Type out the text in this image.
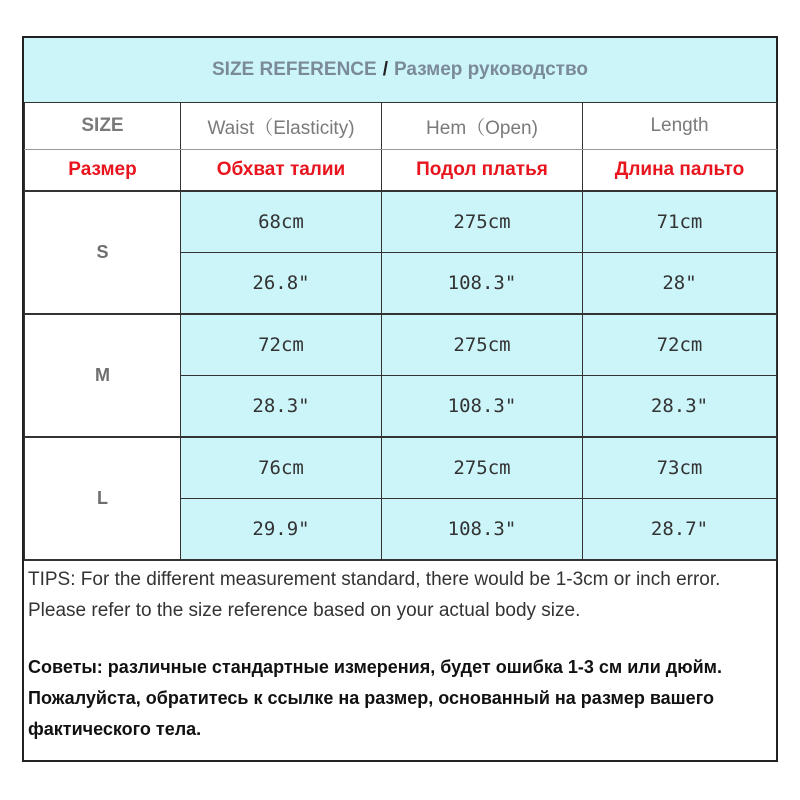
SIZE REFERENCE / Размер руководство
SIZE	Waist（Elasticity)	Hem（Open)	Length
Размер	Обхват талии	Подол платья	Длина пальто
S	68cm	275cm	71cm
	26.8"	108.3"	28"
M	72cm	275cm	72cm
	28.3"	108.3"	28.3"
L	76cm	275cm	73cm
	29.9"	108.3"	28.7"

TIPS: For the different measurement standard, there would be 1-3cm or inch error. Please refer to the size reference based on your actual body size.

Советы: различные стандартные измерения, будет ошибка 1-3 см или дюйм. Пожалуйста, обратитесь к ссылке на размер, основанный на размер вашего фактического тела.
